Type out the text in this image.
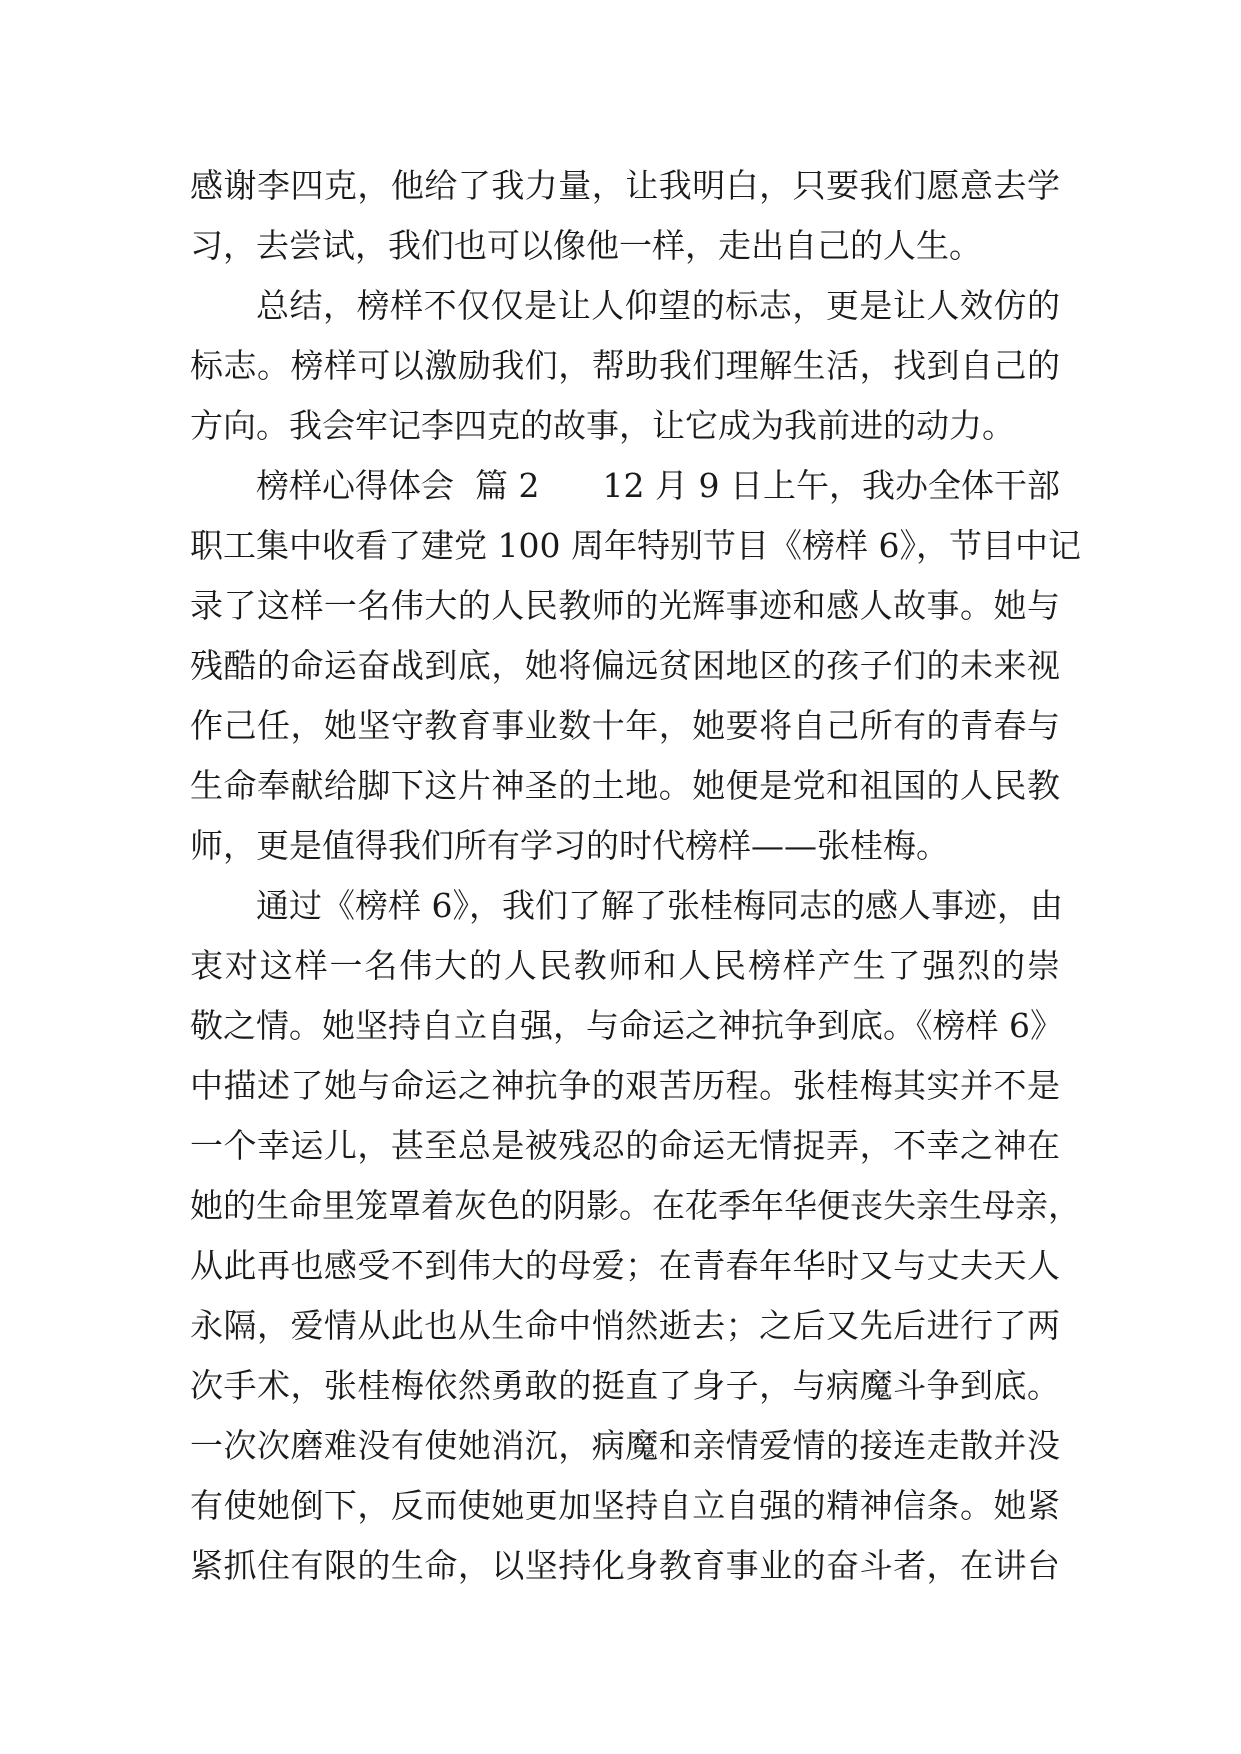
感谢李四克，他给了我力量，让我明白，只要我们愿意去学
习，去尝试，我们也可以像他一样，走出自己的人生。
总结，榜样不仅仅是让人仰望的标志，更是让人效仿的
标志。榜样可以激励我们，帮助我们理解生活，找到自己的
方向。我会牢记李四克的故事，让它成为我前进的动力。
榜样心得体会  篇 2      12 月 9 日上午，我办全体干部
职工集中收看了建党 100 周年特别节目《榜样 6》，节目中记
录了这样一名伟大的人民教师的光辉事迹和感人故事。她与
残酷的命运奋战到底，她将偏远贫困地区的孩子们的未来视
作己任，她坚守教育事业数十年，她要将自己所有的青春与
生命奉献给脚下这片神圣的土地。她便是党和祖国的人民教
师，更是值得我们所有学习的时代榜样——张桂梅。
通过《榜样 6》，我们了解了张桂梅同志的感人事迹，由
衷对这样一名伟大的人民教师和人民榜样产生了强烈的崇
敬之情。她坚持自立自强，与命运之神抗争到底。《榜样 6》
中描述了她与命运之神抗争的艰苦历程。张桂梅其实并不是
一个幸运儿，甚至总是被残忍的命运无情捉弄，不幸之神在
她的生命里笼罩着灰色的阴影。在花季年华便丧失亲生母亲，
从此再也感受不到伟大的母爱；在青春年华时又与丈夫天人
永隔，爱情从此也从生命中悄然逝去；之后又先后进行了两
次手术，张桂梅依然勇敢的挺直了身子，与病魔斗争到底。
一次次磨难没有使她消沉，病魔和亲情爱情的接连走散并没
有使她倒下，反而使她更加坚持自立自强的精神信条。她紧
紧抓住有限的生命，以坚持化身教育事业的奋斗者，在讲台
